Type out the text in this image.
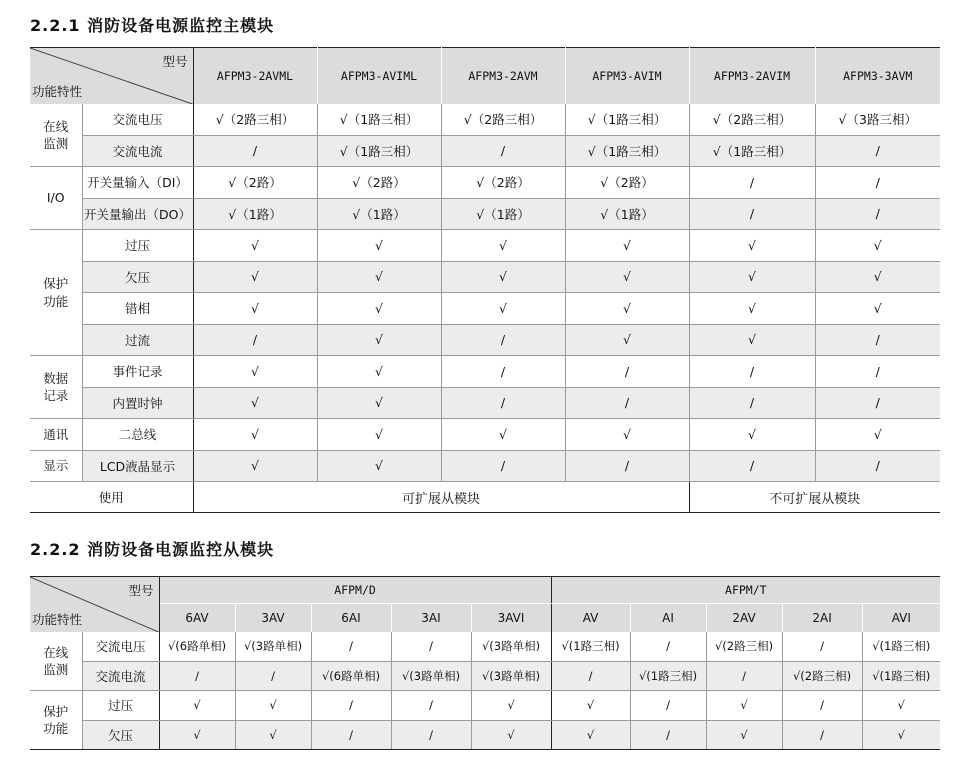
2.2.1 消防设备电源监控主模块
型号
功能特性		AFPM3-2AVML	AFPM3-AVIML	AFPM3-2AVM	AFPM3-AVIM	AFPM3-2AVIM	AFPM3-3AVM
在线
监测	交流电压	√（2路三相）	√（1路三相）	√（2路三相）	√（1路三相）	√（2路三相）	√（3路三相）
	交流电流	/	√（1路三相）	/	√（1路三相）	√（1路三相）	/
I/O	开关量输入（DI）	√（2路）	√（2路）	√（2路）	√（2路）	/	/
	开关量输出（DO）	√（1路）	√（1路）	√（1路）	√（1路）	/	/
保护
功能	过压	√	√	√	√	√	√
	欠压	√	√	√	√	√	√
	错相	√	√	√	√	√	√
	过流	/	√	/	√	√	/
数据
记录	事件记录	√	√	/	/	/	/
	内置时钟	√	√	/	/	/	/
通讯	二总线	√	√	√	√	√	√
显示	LCD液晶显示	√	√	/	/	/	/
使用		可扩展从模块				不可扩展从模块	
2.2.2 消防设备电源监控从模块
型号
功能特性		AFPM/D					AFPM/T				
		6AV	3AV	6AI	3AI	3AVI	AV	AI	2AV	2AI	AVI
在线
监测	交流电压	√(6路单相)	√(3路单相)	/	/	√(3路单相)	√(1路三相)	/	√(2路三相)	/	√(1路三相)
	交流电流	/	/	√(6路单相)	√(3路单相)	√(3路单相)	/	√(1路三相)	/	√(2路三相)	√(1路三相)
保护
功能	过压	√	√	/	/	√	√	/	√	/	√
	欠压	√	√	/	/	√	√	/	√	/	√
